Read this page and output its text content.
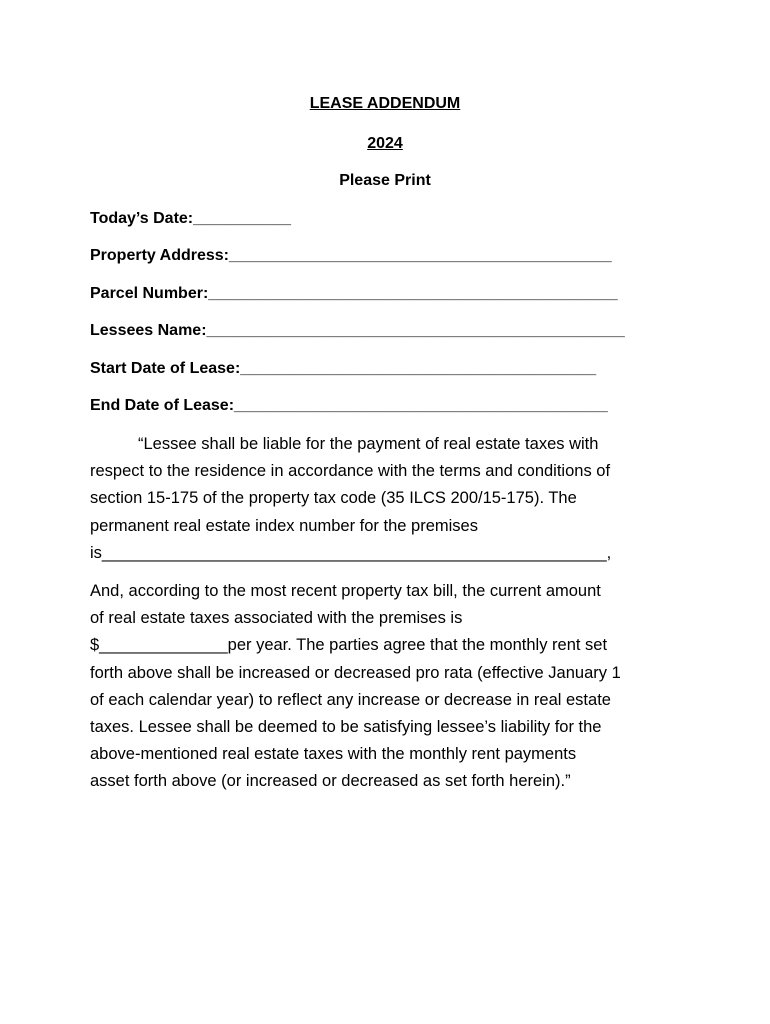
LEASE ADDENDUM
2024
Please Print
Today’s Date:___________
Property Address:___________________________________________
Parcel Number:______________________________________________
Lessees Name:_______________________________________________
Start Date of Lease:________________________________________
End Date of Lease:__________________________________________
“Lessee shall be liable for the payment of real estate taxes with
respect to the residence in accordance with the terms and conditions of
section 15-175 of the property tax code (35 ILCS 200/15-175). The
permanent real estate index number for the premises
is_______________________________________________________,
And, according to the most recent property tax bill, the current amount
of real estate taxes associated with the premises is
$______________per year. The parties agree that the monthly rent set
forth above shall be increased or decreased pro rata (effective January 1
of each calendar year) to reflect any increase or decrease in real estate
taxes. Lessee shall be deemed to be satisfying lessee’s liability for the
above-mentioned real estate taxes with the monthly rent payments
asset forth above (or increased or decreased as set forth herein).”
